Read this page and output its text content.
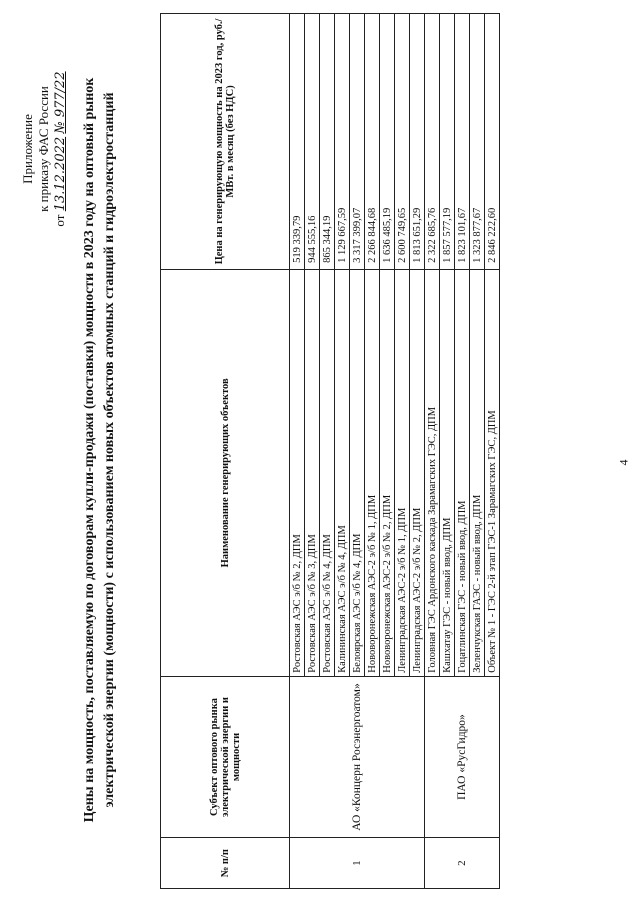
4
Приложение к приказу ФАС России
от 13.12.2022 № 977/22 Цены на мощность, поставляемую по договорам купли-продажи (поставки) мощности в 2023 году на оптовый рынок электрической энергии (мощности) с использованием новых объектов атомных станций и гидроэлектростанций
№ п/п	Субъект оптового рынка электрической энергии и мощности	Наименование генерирующих объектов	Цена на генерирующую мощность на 2023 год, руб./МВт. в месяц (без НДС)
1	АО «Концерн Росэнергоатом»	Ростовская АЭС э/б № 2, ДПМ	519 339,79
		Ростовская АЭС э/б № 3, ДПМ	944 555,16
		Ростовская АЭС э/б № 4, ДПМ	865 344,19
		Калининская АЭС э/б № 4, ДПМ	1 129 667,59
		Белоярская АЭС э/б № 4, ДПМ	3 317 399,07
		Нововоронежская АЭС-2 э/б № 1, ДПМ	2 266 844,68
		Нововоронежская АЭС-2 э/б № 2, ДПМ	1 636 485,19
		Ленинградская АЭС-2 э/б № 1, ДПМ	2 600 749,65
		Ленинградская АЭС-2 э/б № 2, ДПМ	1 813 651,29
2	ПАО «РусГидро»	Головная ГЭС Ардонского каскада Зарамагских ГЭС, ДПМ	2 322 685,76
		Кашхатау ГЭС - новый ввод, ДПМ	1 857 577,19
		Гоцатлинская ГЭС - новый ввод, ДПМ	1 823 101,67
		Зеленчукская ГАЭС - новый ввод, ДПМ	1 323 877,67
		Объект № 1 - ГЭС 2-й этап ГЭС-1 Зарамагских ГЭС, ДПМ	2 846 222,60
